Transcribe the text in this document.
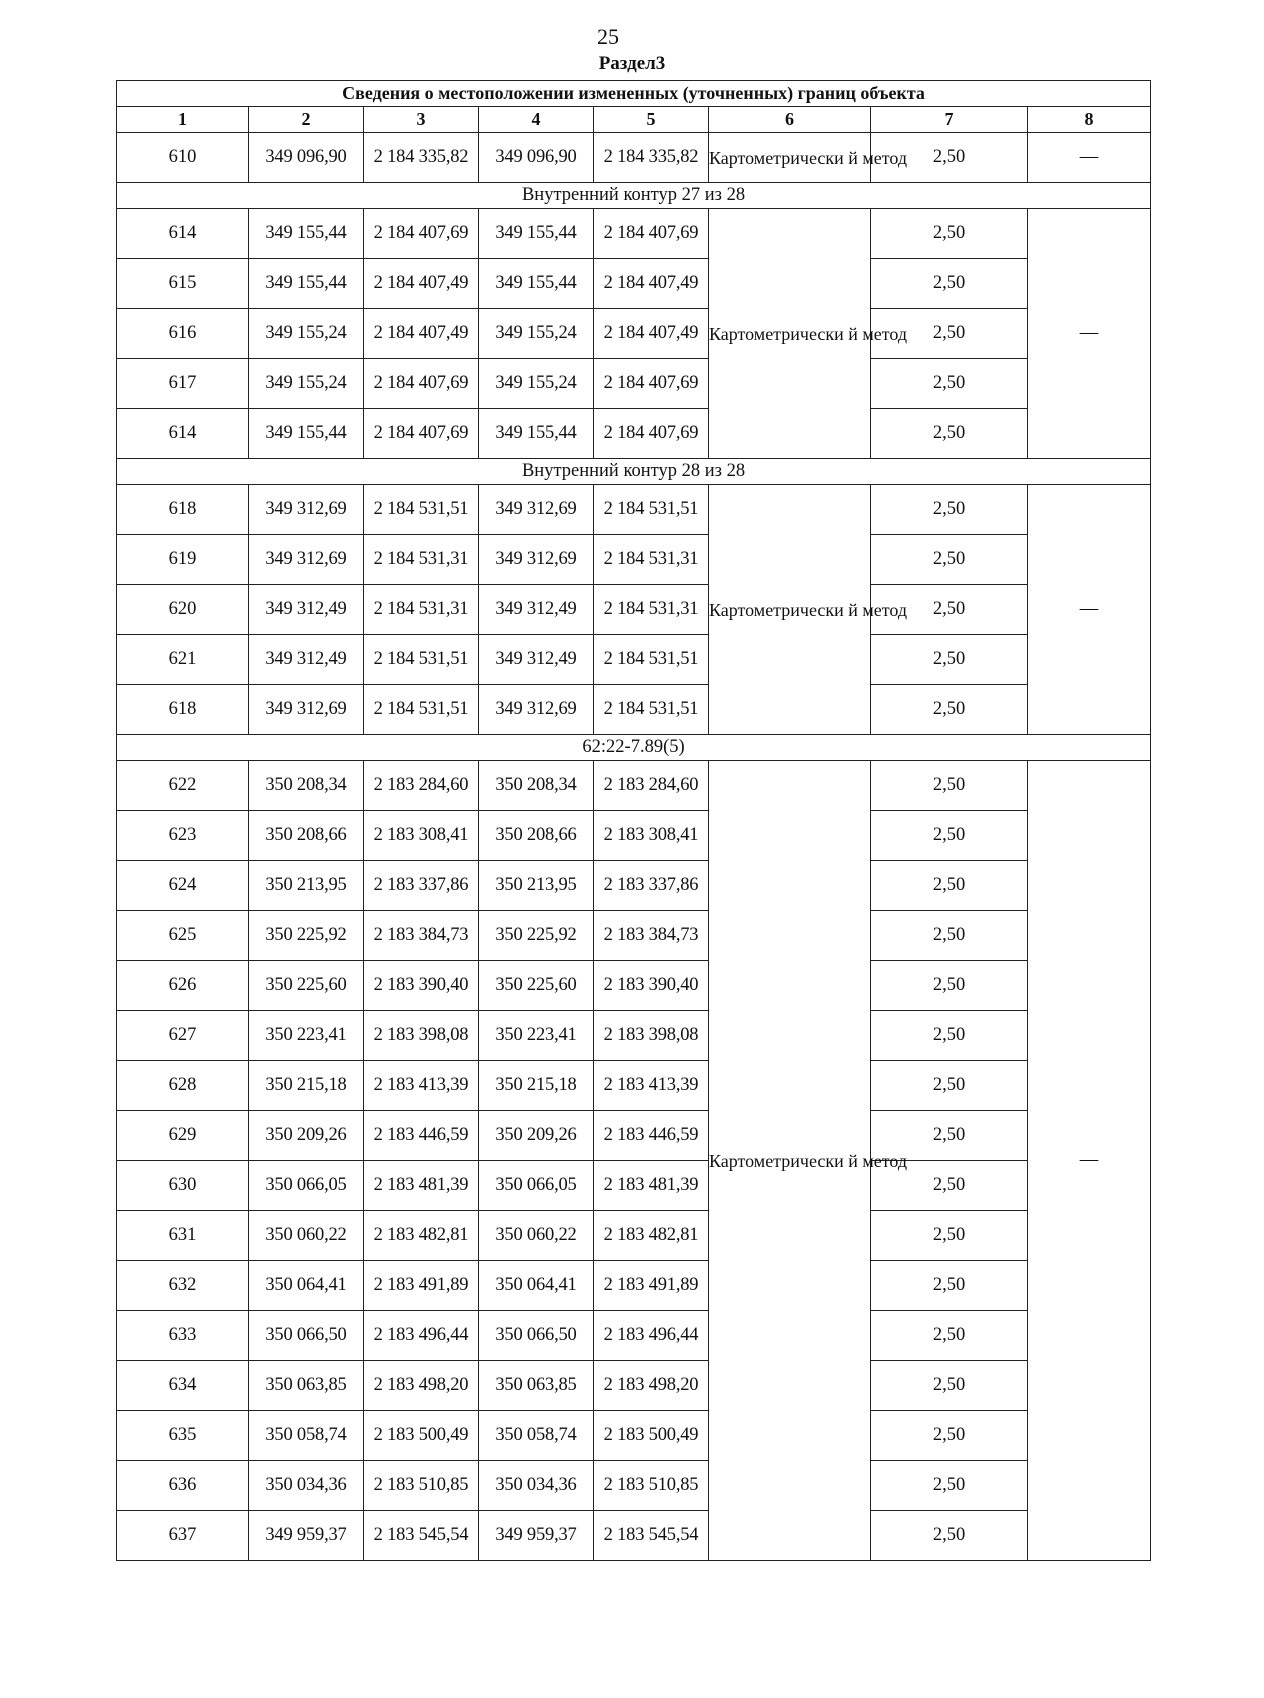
25
Раздел3
Сведения о местоположении измененных (уточненных) границ объекта							
1	2	3	4	5	6	7	8
610	349 096,90	2 184 335,82	349 096,90	2 184 335,82	Картометрически й метод	2,50	—
Внутренний контур 27 из 28							
614	349 155,44	2 184 407,69	349 155,44	2 184 407,69	Картометрически й метод	2,50	—
615	349 155,44	2 184 407,49	349 155,44	2 184 407,49		2,50	
616	349 155,24	2 184 407,49	349 155,24	2 184 407,49		2,50	
617	349 155,24	2 184 407,69	349 155,24	2 184 407,69		2,50	
614	349 155,44	2 184 407,69	349 155,44	2 184 407,69		2,50	
Внутренний контур 28 из 28							
618	349 312,69	2 184 531,51	349 312,69	2 184 531,51	Картометрически й метод	2,50	—
619	349 312,69	2 184 531,31	349 312,69	2 184 531,31		2,50	
620	349 312,49	2 184 531,31	349 312,49	2 184 531,31		2,50	
621	349 312,49	2 184 531,51	349 312,49	2 184 531,51		2,50	
618	349 312,69	2 184 531,51	349 312,69	2 184 531,51		2,50	
62:22-7.89(5)							
622	350 208,34	2 183 284,60	350 208,34	2 183 284,60	Картометрически й метод	2,50	—
623	350 208,66	2 183 308,41	350 208,66	2 183 308,41		2,50	
624	350 213,95	2 183 337,86	350 213,95	2 183 337,86		2,50	
625	350 225,92	2 183 384,73	350 225,92	2 183 384,73		2,50	
626	350 225,60	2 183 390,40	350 225,60	2 183 390,40		2,50	
627	350 223,41	2 183 398,08	350 223,41	2 183 398,08		2,50	
628	350 215,18	2 183 413,39	350 215,18	2 183 413,39		2,50	
629	350 209,26	2 183 446,59	350 209,26	2 183 446,59		2,50	
630	350 066,05	2 183 481,39	350 066,05	2 183 481,39		2,50	
631	350 060,22	2 183 482,81	350 060,22	2 183 482,81		2,50	
632	350 064,41	2 183 491,89	350 064,41	2 183 491,89		2,50	
633	350 066,50	2 183 496,44	350 066,50	2 183 496,44		2,50	
634	350 063,85	2 183 498,20	350 063,85	2 183 498,20		2,50	
635	350 058,74	2 183 500,49	350 058,74	2 183 500,49		2,50	
636	350 034,36	2 183 510,85	350 034,36	2 183 510,85		2,50	
637	349 959,37	2 183 545,54	349 959,37	2 183 545,54		2,50	
